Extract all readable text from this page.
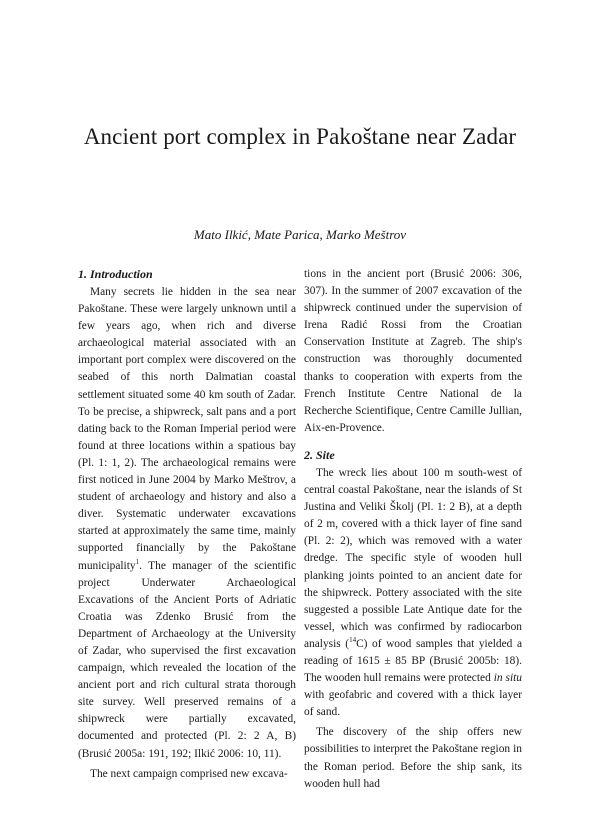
Ancient port complex in Pakoštane near Zadar
Mato Ilkić, Mate Parica, Marko Meštrov
1. Introduction

Many secrets lie hidden in the sea near Pakoštane. These were largely unknown until a few years ago, when rich and diverse archaeological material associated with an important port complex were discovered on the seabed of this north Dalmatian coastal settlement situated some 40 km south of Zadar. To be precise, a shipwreck, salt pans and a port dating back to the Roman Imperial period were found at three locations within a spatious bay (Pl. 1: 1, 2). The archaeological remains were first noticed in June 2004 by Marko Meštrov, a student of archaeology and history and also a diver. Systematic underwater excavations started at approximately the same time, mainly supported financially by the Pakoštane municipality$^1$. The manager of the scientific project Underwater Archaeological Excavations of the Ancient Ports of Adriatic Croatia was Zdenko Brusić from the Department of Archaeology at the University of Zadar, who supervised the first excavation campaign, which revealed the location of the ancient port and rich cultural strata thorough site survey. Well preserved remains of a shipwreck were partially excavated, documented and protected (Pl. 2: 2 A, B) (Brusić 2005a: 191, 192; Ilkić 2006: 10, 11).

The next campaign comprised new excava-

tions in the ancient port (Brusić 2006: 306, 307). In the summer of 2007 excavation of the shipwreck continued under the supervision of Irena Radić Rossi from the Croatian Conservation Institute at Zagreb. The ship's construction was thoroughly documented thanks to cooperation with experts from the French Institute Centre National de la Recherche Scientifique, Centre Camille Jullian, Aix-en-Provence.

2. Site

The wreck lies about 100 m south-west of central coastal Pakoštane, near the islands of St Justina and Veliki Školj (Pl. 1: 2 B), at a depth of 2 m, covered with a thick layer of fine sand (Pl. 2: 2), which was removed with a water dredge. The specific style of wooden hull planking joints pointed to an ancient date for the shipwreck. Pottery associated with the site suggested a possible Late Antique date for the vessel, which was confirmed by radiocarbon analysis ($^{14}$C) of wood samples that yielded a reading of 1615 ± 85 BP (Brusić 2005b: 18). The wooden hull remains were protected in situ with geofabric and covered with a thick layer of sand.

The discovery of the ship offers new possibilities to interpret the Pakoštane region in the Roman period. Before the ship sank, its wooden hull had
